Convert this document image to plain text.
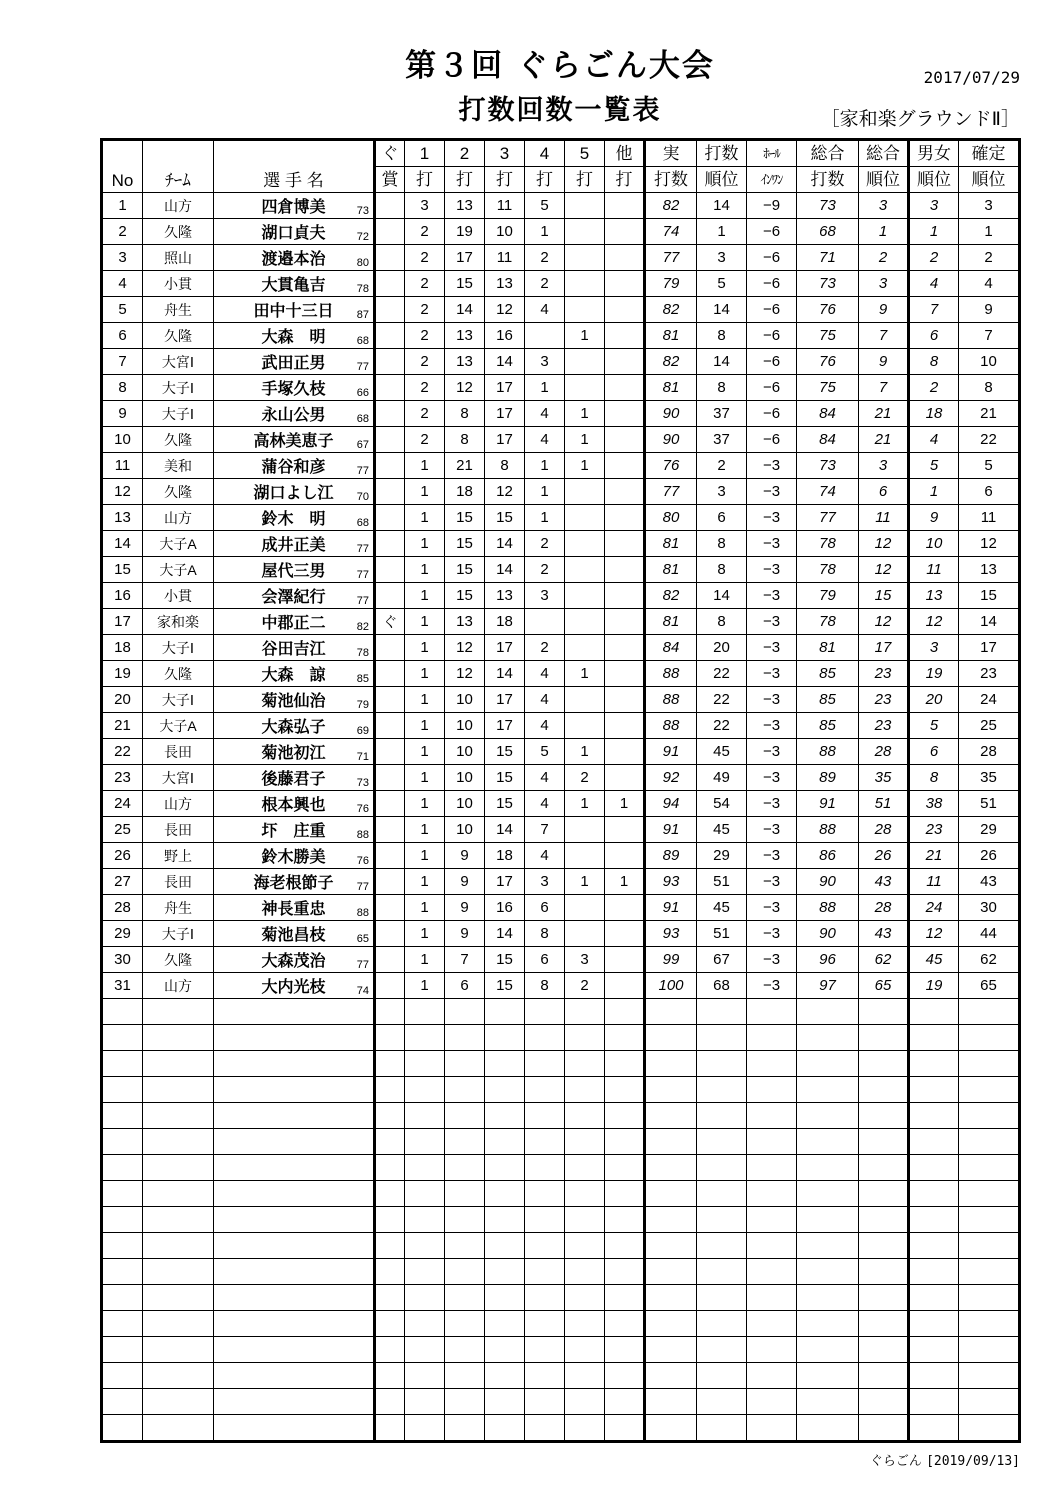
第３回 ぐらごん大会
打数回数一覧表
2017/07/29
［家和楽グラウンドⅡ］
No	ﾁｰﾑ	選 手 名	ぐ	1	2	3	4	5	他	実	打数	ﾎｰﾙ	総合	総合	男女	確定
			賞	打	打	打	打	打	打	打数	順位	ｲﾝﾜﾝ	打数	順位	順位	順位
1	山方	四倉博美 73		3	13	11	5			82	14	−9	73	3	3	3
2	久隆	湖口貞夫 72		2	19	10	1			74	1	−6	68	1	1	1
3	照山	渡邉本治 80		2	17	11	2			77	3	−6	71	2	2	2
4	小貫	大貫亀吉 78		2	15	13	2			79	5	−6	73	3	4	4
5	舟生	田中十三日 87		2	14	12	4			82	14	−6	76	9	7	9
6	久隆	大森　明 68		2	13	16		1		81	8	−6	75	7	6	7
7	大宮Ⅰ	武田正男 77		2	13	14	3			82	14	−6	76	9	8	10
8	大子Ⅰ	手塚久枝 66		2	12	17	1			81	8	−6	75	7	2	8
9	大子Ⅰ	永山公男 68		2	8	17	4	1		90	37	−6	84	21	18	21
10	久隆	高林美恵子 67		2	8	17	4	1		90	37	−6	84	21	4	22
11	美和	蒲谷和彦 77		1	21	8	1	1		76	2	−3	73	3	5	5
12	久隆	湖口よし江 70		1	18	12	1			77	3	−3	74	6	1	6
13	山方	鈴木　明 68		1	15	15	1			80	6	−3	77	11	9	11
14	大子A	成井正美 77		1	15	14	2			81	8	−3	78	12	10	12
15	大子A	屋代三男 77		1	15	14	2			81	8	−3	78	12	11	13
16	小貫	会澤紀行 77		1	15	13	3			82	14	−3	79	15	13	15
17	家和楽	中郡正二 82	ぐ	1	13	18				81	8	−3	78	12	12	14
18	大子Ⅰ	谷田吉江 78		1	12	17	2			84	20	−3	81	17	3	17
19	久隆	大森　諒 85		1	12	14	4	1		88	22	−3	85	23	19	23
20	大子Ⅰ	菊池仙治 79		1	10	17	4			88	22	−3	85	23	20	24
21	大子A	大森弘子 69		1	10	17	4			88	22	−3	85	23	5	25
22	長田	菊池初江 71		1	10	15	5	1		91	45	−3	88	28	6	28
23	大宮Ⅰ	後藤君子 73		1	10	15	4	2		92	49	−3	89	35	8	35
24	山方	根本興也 76		1	10	15	4	1	1	94	54	−3	91	51	38	51
25	長田	圷　庄重 88		1	10	14	7			91	45	−3	88	28	23	29
26	野上	鈴木勝美 76		1	9	18	4			89	29	−3	86	26	21	26
27	長田	海老根節子 77		1	9	17	3	1	1	93	51	−3	90	43	11	43
28	舟生	神長重忠 88		1	9	16	6			91	45	−3	88	28	24	30
29	大子Ⅰ	菊池昌枝 65		1	9	14	8			93	51	−3	90	43	12	44
30	久隆	大森茂治 77		1	7	15	6	3		99	67	−3	96	62	45	62
31	山方	大内光枝 74		1	6	15	8	2		100	68	−3	97	65	19	65

ぐらごん [2019/09/13]
